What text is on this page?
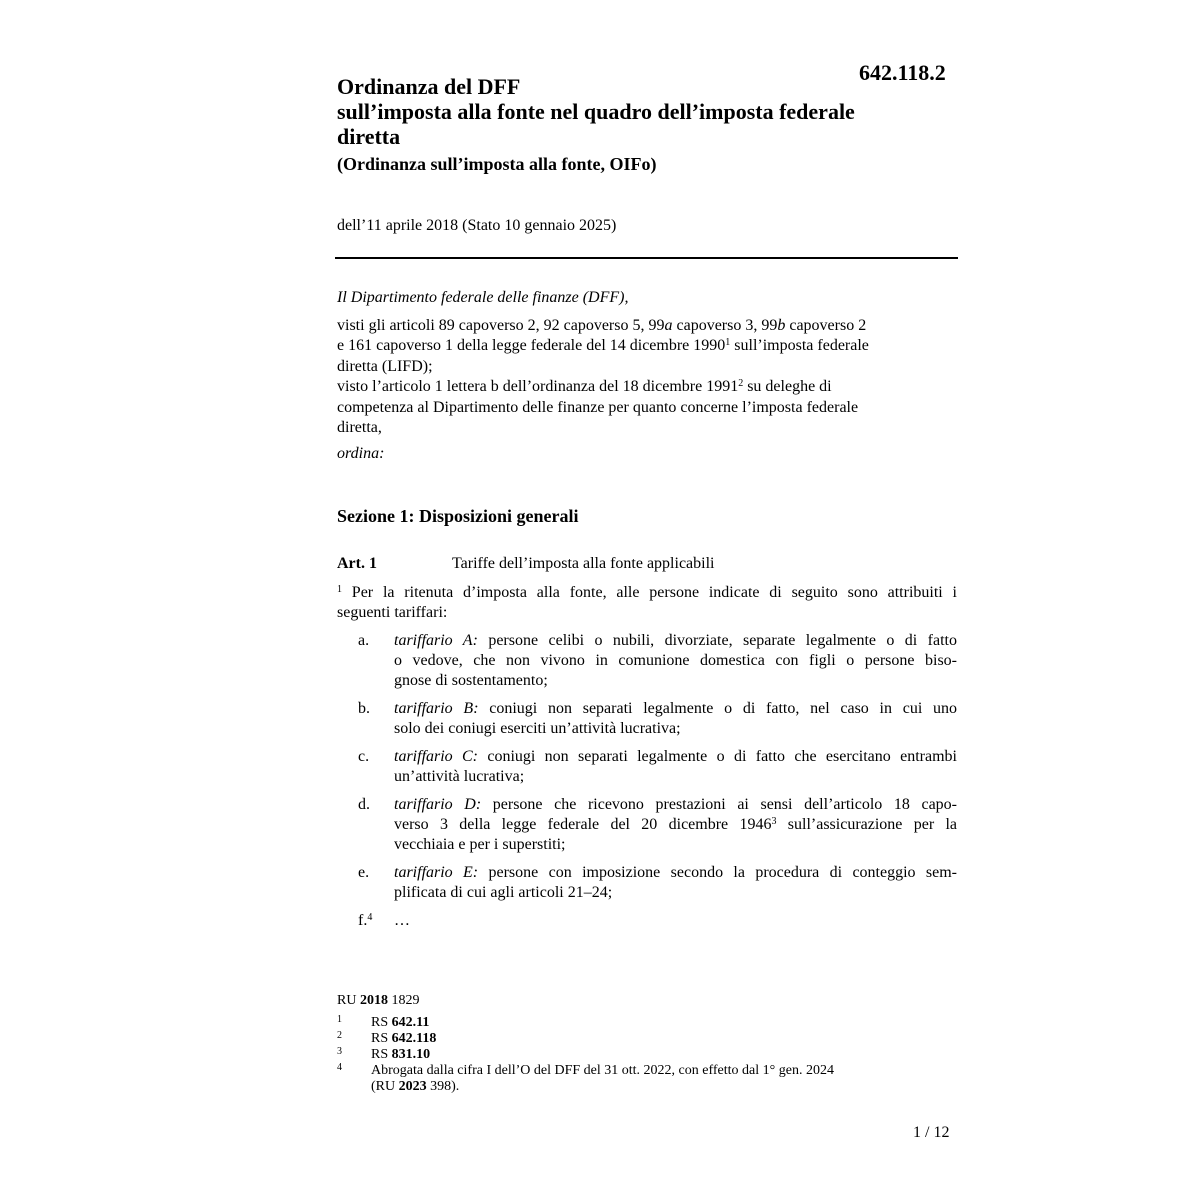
642.118.2
Ordinanza del DFF
sull’imposta alla fonte nel quadro dell’imposta federale
diretta
(Ordinanza sull’imposta alla fonte, OIFo)
dell’11 aprile 2018 (Stato 10 gennaio 2025)
Il Dipartimento federale delle finanze (DFF),
visti gli articoli 89 capoverso 2, 92 capoverso 5, 99a capoverso 3, 99b capoverso 2
e 161 capoverso 1 della legge federale del 14 dicembre 1990$^1$ sull’imposta federale
diretta (LIFD);
visto l’articolo 1 lettera b dell’ordinanza del 18 dicembre 1991$^2$ su deleghe di
competenza al Dipartimento delle finanze per quanto concerne l’imposta federale
diretta,
ordina:
Sezione 1: Disposizioni generali
Art. 1	Tariffe dell’imposta alla fonte applicabili
$^1$ Per la ritenuta d’imposta alla fonte, alle persone indicate di seguito sono attribuiti i
seguenti tariffari:
a. tariffario A: persone celibi o nubili, divorziate, separate legalmente o di fatto
o vedove, che non vivono in comunione domestica con figli o persone biso-
gnose di sostentamento;
b. tariffario B: coniugi non separati legalmente o di fatto, nel caso in cui uno
solo dei coniugi eserciti un’attività lucrativa;
c. tariffario C: coniugi non separati legalmente o di fatto che esercitano entrambi
un’attività lucrativa;
d. tariffario D: persone che ricevono prestazioni ai sensi dell’articolo 18 capo-
verso 3 della legge federale del 20 dicembre 1946$^3$ sull’assicurazione per la
vecchiaia e per i superstiti;
e. tariffario E: persone con imposizione secondo la procedura di conteggio sem-
plificata di cui agli articoli 21–24;
f.$^4$ …
RU 2018 1829
1 RS 642.11
2 RS 642.118
3 RS 831.10
4 Abrogata dalla cifra I dell’O del DFF del 31 ott. 2022, con effetto dal 1° gen. 2024
(RU 2023 398).
1 / 12
